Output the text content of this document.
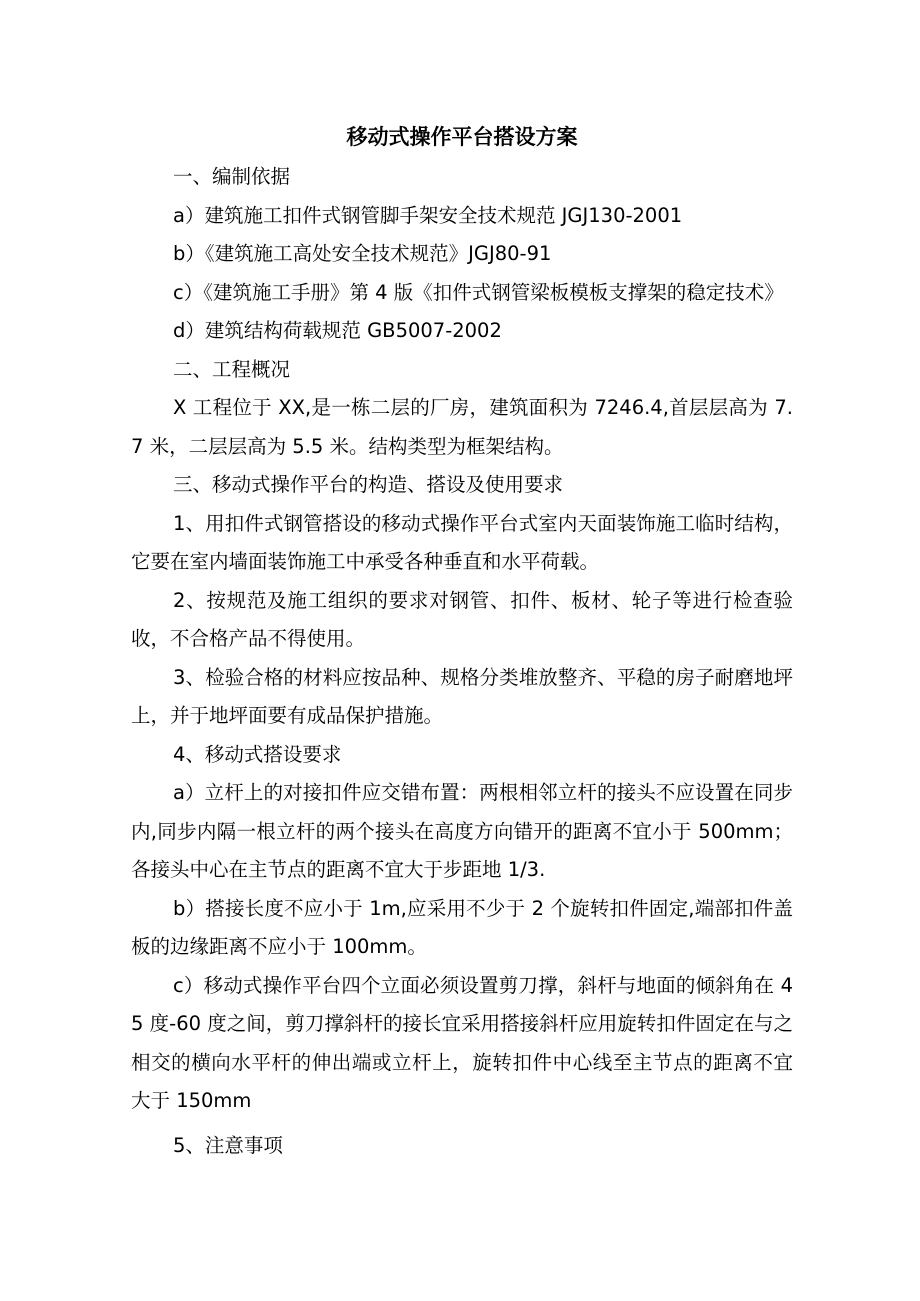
移动式操作平台搭设方案

一、编制依据

a）建筑施工扣件式钢管脚手架安全技术规范 JGJ130-2001

b）《建筑施工高处安全技术规范》JGJ80-91

c）《建筑施工手册》第 4 版《扣件式钢管梁板模板支撑架的稳定技术》

d）建筑结构荷载规范 GB5007-2002

二、工程概况

X 工程位于 XX,是一栋二层的厂房，建筑面积为 7246.4,首层层高为 7.7 米，二层层高为 5.5 米。结构类型为框架结构。

三、移动式操作平台的构造、搭设及使用要求

1、用扣件式钢管搭设的移动式操作平台式室内天面装饰施工临时结构，它要在室内墙面装饰施工中承受各种垂直和水平荷载。

2、按规范及施工组织的要求对钢管、扣件、板材、轮子等进行检查验收，不合格产品不得使用。

3、检验合格的材料应按品种、规格分类堆放整齐、平稳的房子耐磨地坪上，并于地坪面要有成品保护措施。

4、移动式搭设要求

a）立杆上的对接扣件应交错布置：两根相邻立杆的接头不应设置在同步内,同步内隔一根立杆的两个接头在高度方向错开的距离不宜小于 500mm；各接头中心在主节点的距离不宜大于步距地 1/3.

b）搭接长度不应小于 1m,应采用不少于 2 个旋转扣件固定,端部扣件盖板的边缘距离不应小于 100mm。

c）移动式操作平台四个立面必须设置剪刀撑，斜杆与地面的倾斜角在 45 度-60 度之间，剪刀撑斜杆的接长宜采用搭接斜杆应用旋转扣件固定在与之相交的横向水平杆的伸出端或立杆上，旋转扣件中心线至主节点的距离不宜大于 150mm

5、注意事项
